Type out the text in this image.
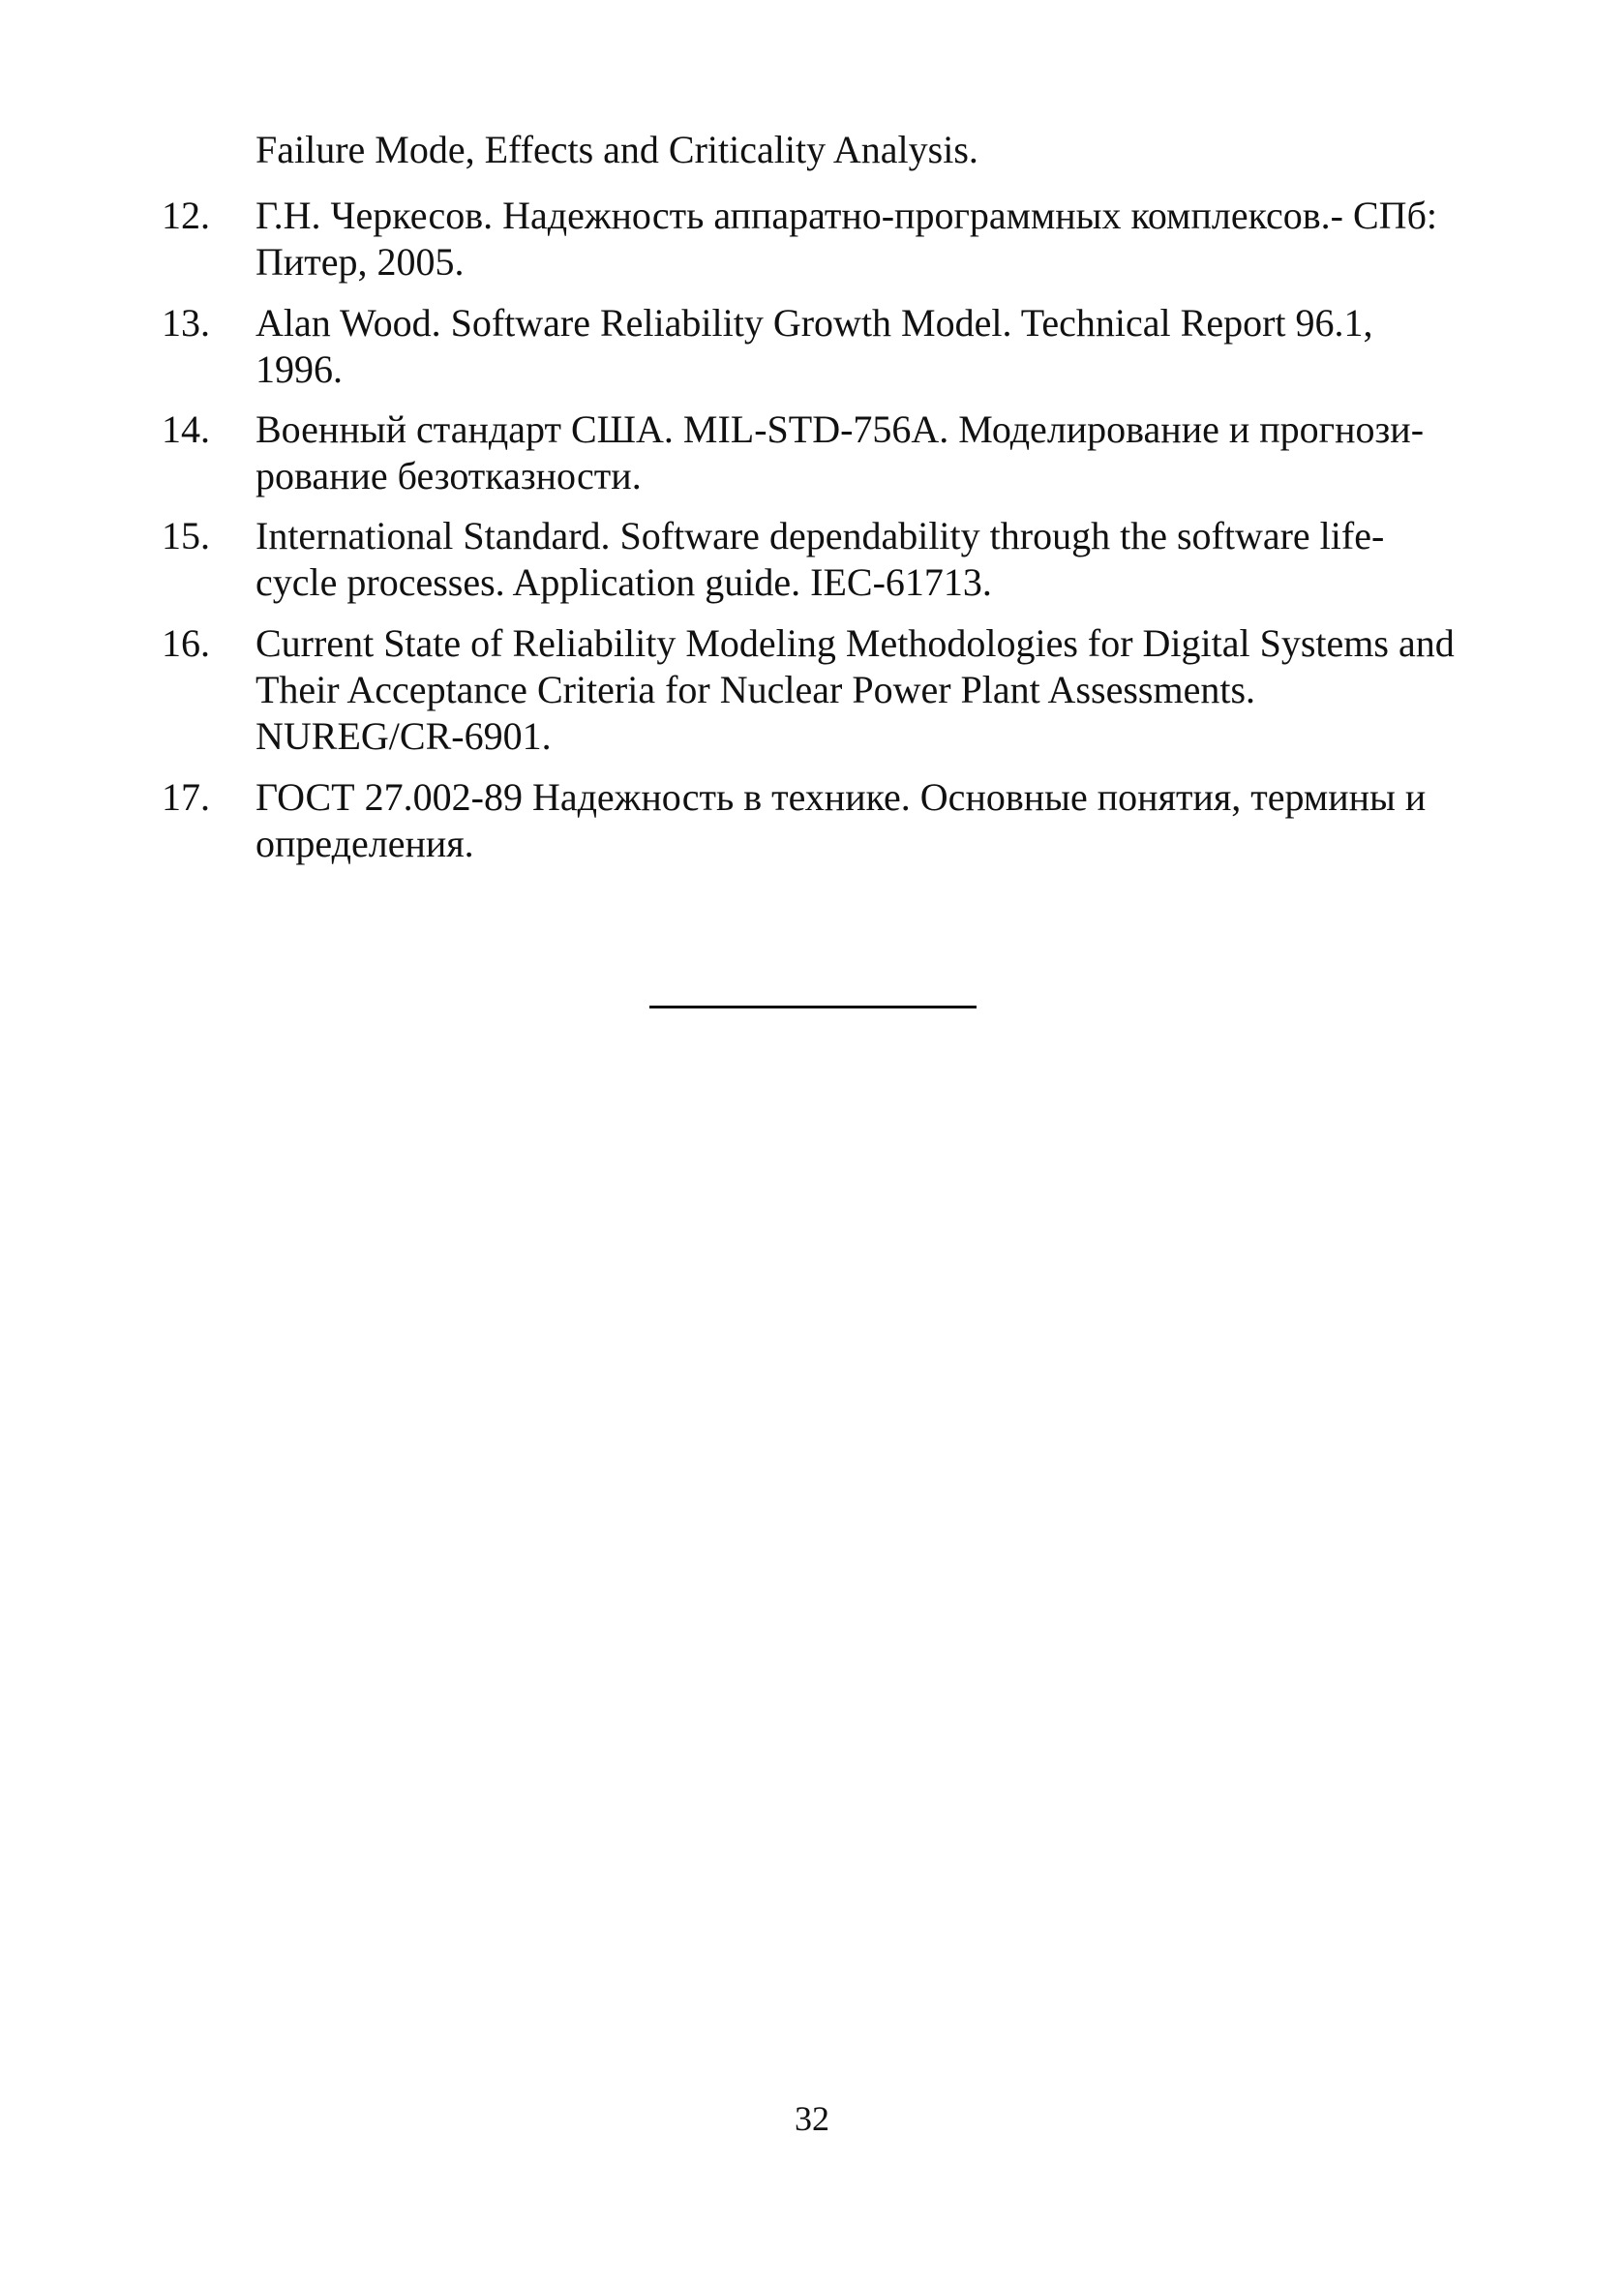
Failure Mode, Effects and Criticality Analysis.

12. Г.Н. Черкесов. Надежность аппаратно-программных комплексов.- СПб:

Питер, 2005.

13. Alan Wood. Software Reliability Growth Model. Technical Report 96.1,

1996.

14. Военный стандарт США. MIL-STD-756A. Моделирование и прогнози-

рование безотказности.

15. International Standard. Software dependability through the software life-

cycle processes. Application guide. IEC-61713.

16. Current State of Reliability Modeling Methodologies for Digital Systems and

Their Acceptance Criteria for Nuclear Power Plant Assessments.

NUREG/CR-6901.

17. ГОСТ 27.002-89 Надежность в технике. Основные понятия, термины и

определения.

32
